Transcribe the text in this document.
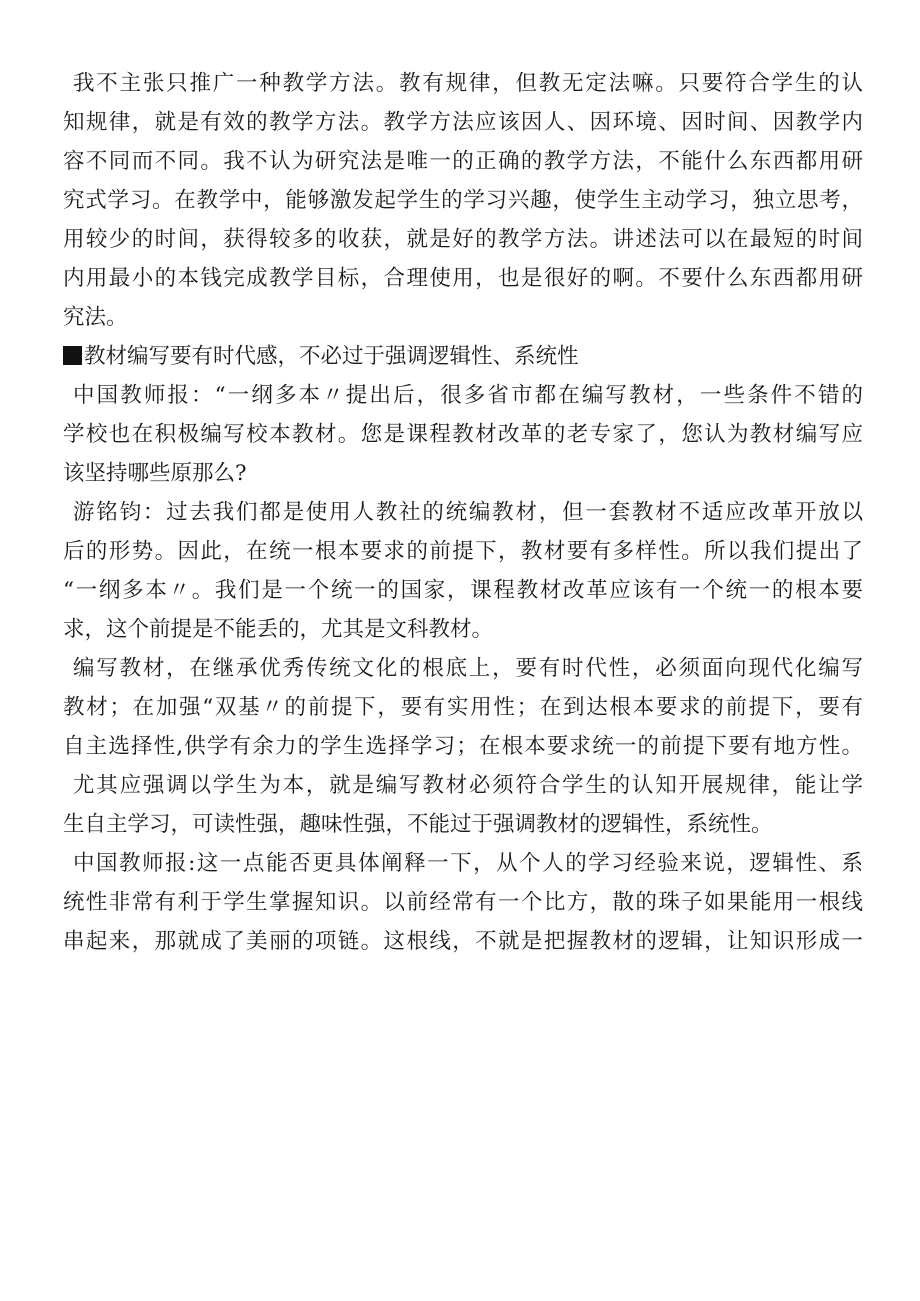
我不主张只推广一种教学方法。教有规律，但教无定法嘛。只要符合学生的认
知规律，就是有效的教学方法。教学方法应该因人、因环境、因时间、因教学内
容不同而不同。我不认为研究法是唯一的正确的教学方法，不能什么东西都用研
究式学习。在教学中，能够激发起学生的学习兴趣，使学生主动学习，独立思考，
用较少的时间，获得较多的收获，就是好的教学方法。讲述法可以在最短的时间
内用最小的本钱完成教学目标，合理使用，也是很好的啊。不要什么东西都用研
究法。
教材编写要有时代感，不必过于强调逻辑性、系统性
中国教师报：“一纲多本〃提出后，很多省市都在编写教材，一些条件不错的
学校也在积极编写校本教材。您是课程教材改革的老专家了，您认为教材编写应
该坚持哪些原那么?
游铭钧：过去我们都是使用人教社的统编教材，但一套教材不适应改革开放以
后的形势。因此，在统一根本要求的前提下，教材要有多样性。所以我们提出了
“一纲多本〃。我们是一个统一的国家，课程教材改革应该有一个统一的根本要
求，这个前提是不能丢的，尤其是文科教材。
编写教材，在继承优秀传统文化的根底上，要有时代性，必须面向现代化编写
教材；在加强“双基〃的前提下，要有实用性；在到达根本要求的前提下，要有
自主选择性,供学有余力的学生选择学习；在根本要求统一的前提下要有地方性。
尤其应强调以学生为本，就是编写教材必须符合学生的认知开展规律，能让学
生自主学习，可读性强，趣味性强，不能过于强调教材的逻辑性，系统性。
中国教师报:这一点能否更具体阐释一下，从个人的学习经验来说，逻辑性、系
统性非常有利于学生掌握知识。以前经常有一个比方，散的珠子如果能用一根线
串起来，那就成了美丽的项链。这根线，不就是把握教材的逻辑，让知识形成一
